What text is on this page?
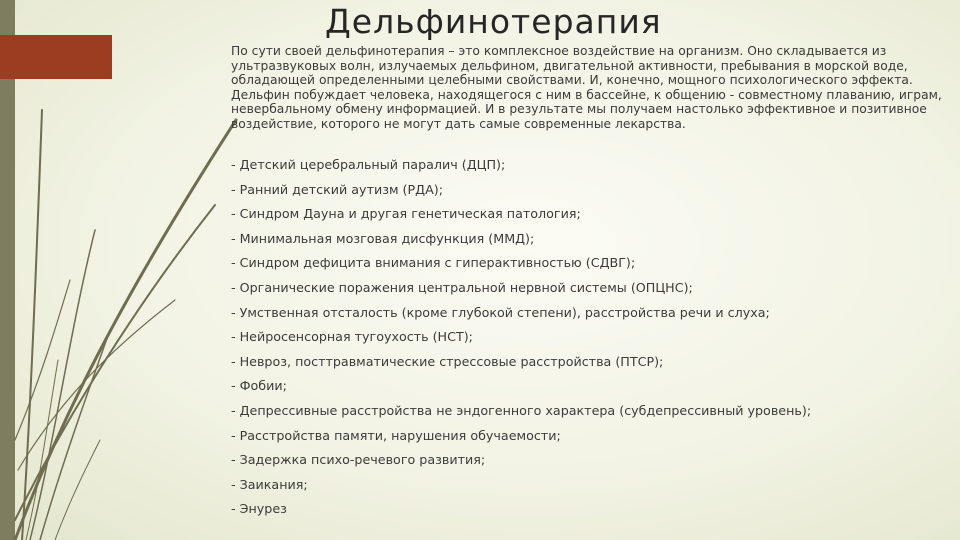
Дельфинотерапия

По сути своей дельфинотерапия – это комплексное воздействие на организм. Оно складывается из ультразвуковых волн, излучаемых дельфином, двигательной активности, пребывания в морской воде, обладающей определенными целебными свойствами. И, конечно, мощного психологического эффекта. Дельфин побуждает человека, находящегося с ним в бассейне, к общению - совместному плаванию, играм, невербальному обмену информацией. И в результате мы получаем настолько эффективное и позитивное воздействие, которого не могут дать самые современные лекарства.

- Детский церебральный паралич (ДЦП);
- Ранний детский аутизм (РДА);
- Синдром Дауна и другая генетическая патология;
- Минимальная мозговая дисфункция (ММД);
- Синдром дефицита внимания с гиперактивностью (СДВГ);
- Органические поражения центральной нервной системы (ОПЦНС);
- Умственная отсталость (кроме глубокой степени), расстройства речи и слуха;
- Нейросенсорная тугоухость (НСТ);
- Невроз, посттравматические стрессовые расстройства (ПТСР);
- Фобии;
- Депрессивные расстройства не эндогенного характера (субдепрессивный уровень);
- Расстройства памяти, нарушения обучаемости;
- Задержка психо-речевого развития;
- Заикания;
- Энурез
